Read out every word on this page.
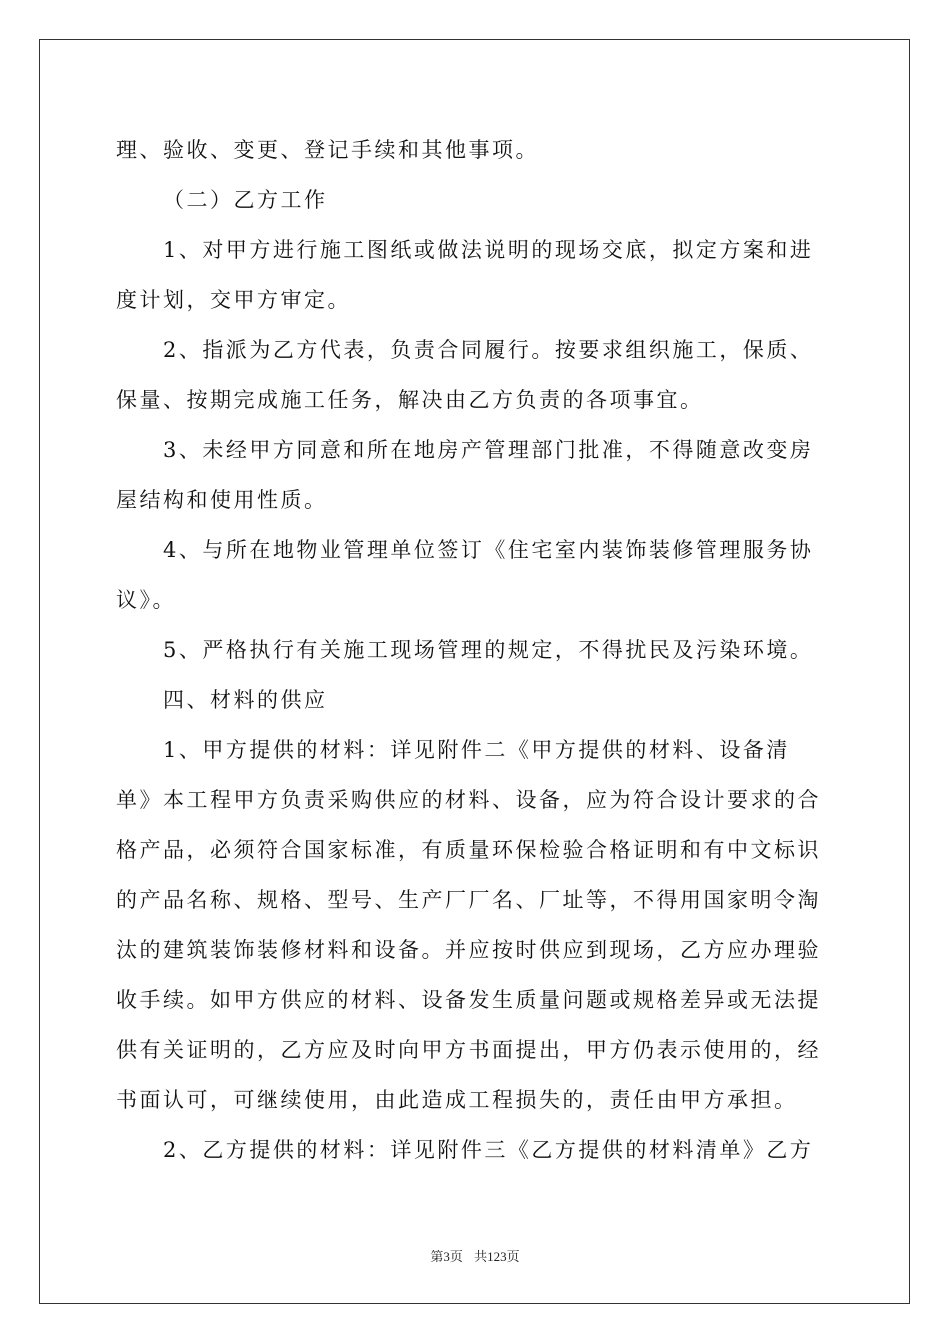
理、验收、变更、登记手续和其他事项。
（二）乙方工作
1、对甲方进行施工图纸或做法说明的现场交底，拟定方案和进
度计划，交甲方审定。
2、指派为乙方代表，负责合同履行。按要求组织施工，保质、
保量、按期完成施工任务，解决由乙方负责的各项事宜。
3、未经甲方同意和所在地房产管理部门批准，不得随意改变房
屋结构和使用性质。
4、与所在地物业管理单位签订《住宅室内装饰装修管理服务协
议》。
5、严格执行有关施工现场管理的规定，不得扰民及污染环境。
四、材料的供应
1、甲方提供的材料：详见附件二《甲方提供的材料、设备清
单》本工程甲方负责采购供应的材料、设备，应为符合设计要求的合
格产品，必须符合国家标准，有质量环保检验合格证明和有中文标识
的产品名称、规格、型号、生产厂厂名、厂址等，不得用国家明令淘
汰的建筑装饰装修材料和设备。并应按时供应到现场，乙方应办理验
收手续。如甲方供应的材料、设备发生质量问题或规格差异或无法提
供有关证明的，乙方应及时向甲方书面提出，甲方仍表示使用的，经
书面认可，可继续使用，由此造成工程损失的，责任由甲方承担。
2、乙方提供的材料：详见附件三《乙方提供的材料清单》乙方
第3页 共123页
